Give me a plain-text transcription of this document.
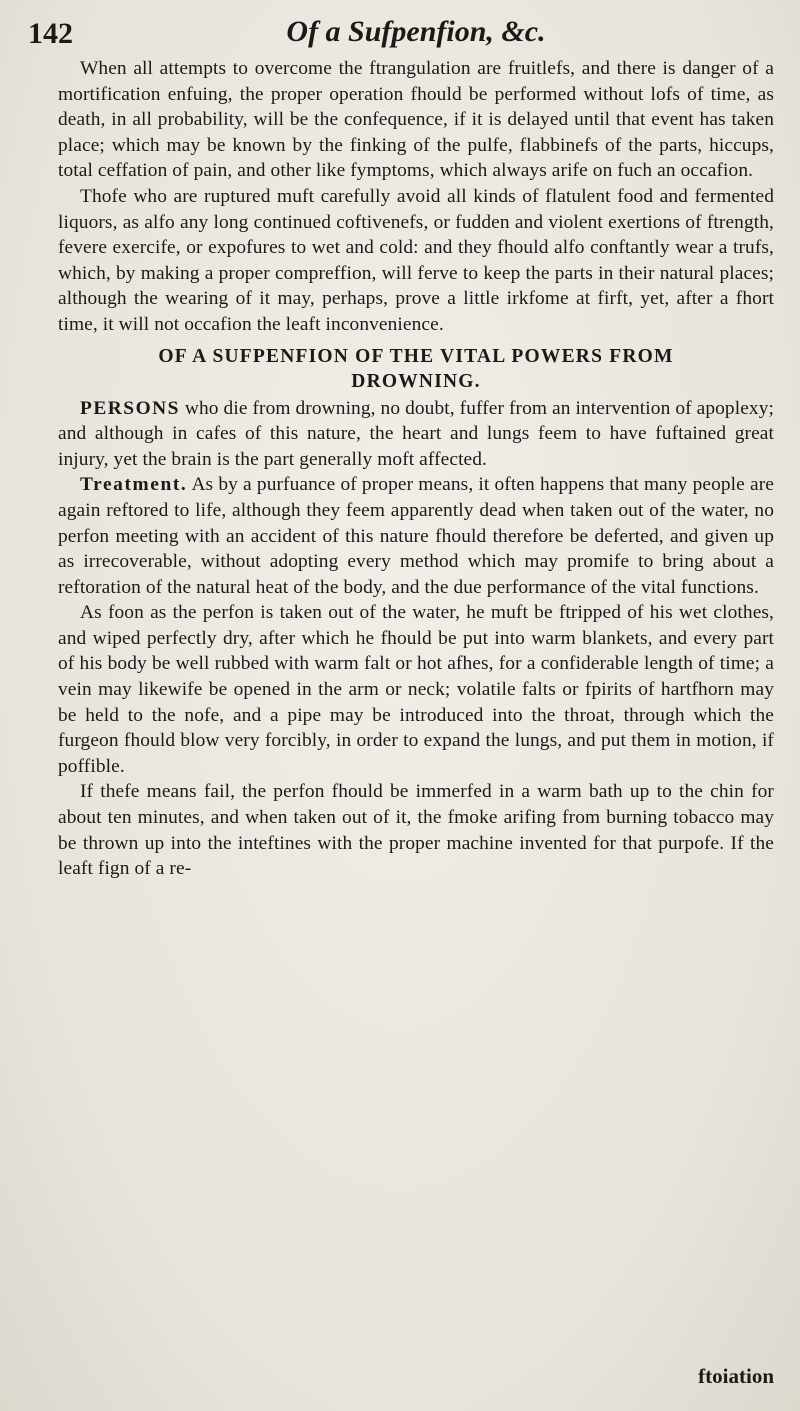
142	Of a Sufpenfion, &c.

When all attempts to overcome the ftrangulation are fruitlefs, and there is danger of a mortification enfuing, the proper operation fhould be performed without lofs of time, as death, in all probability, will be the confequence, if it is delayed until that event has taken place; which may be known by the finking of the pulfe, flabbinefs of the parts, hiccups, total ceffation of pain, and other like fymptoms, which always arife on fuch an occafion.

Thofe who are ruptured muft carefully avoid all kinds of flatulent food and fermented liquors, as alfo any long continued coftivenefs, or fudden and violent exertions of ftrength, fevere exercife, or expofures to wet and cold: and they fhould alfo conftantly wear a trufs, which, by making a proper compreffion, will ferve to keep the parts in their natural places; although the wearing of it may, perhaps, prove a little irkfome at firft, yet, after a fhort time, it will not occafion the leaft inconvenience.

OF A SUFPENFION OF THE VITAL POWERS FROM
DROWNING.

PERSONS who die from drowning, no doubt, fuffer from an intervention of apoplexy; and although in cafes of this nature, the heart and lungs feem to have fuftained great injury, yet the brain is the part generally moft affected.

Treatment. As by a purfuance of proper means, it often happens that many people are again reftored to life, although they feem apparently dead when taken out of the water, no perfon meeting with an accident of this nature fhould therefore be deferted, and given up as irrecoverable, without adopting every method which may promife to bring about a reftoration of the natural heat of the body, and the due performance of the vital functions.

As foon as the perfon is taken out of the water, he muft be ftripped of his wet clothes, and wiped perfectly dry, after which he fhould be put into warm blankets, and every part of his body be well rubbed with warm falt or hot afhes, for a confiderable length of time; a vein may likewife be opened in the arm or neck; volatile falts or fpirits of hartfhorn may be held to the nofe, and a pipe may be introduced into the throat, through which the furgeon fhould blow very forcibly, in order to expand the lungs, and put them in motion, if poffible.

If thefe means fail, the perfon fhould be immerfed in a warm bath up to the chin for about ten minutes, and when taken out of it, the fmoke arifing from burning tobacco may be thrown up into the inteftines with the proper machine invented for that purpofe. If the leaft fign of a re-

ftoiation
